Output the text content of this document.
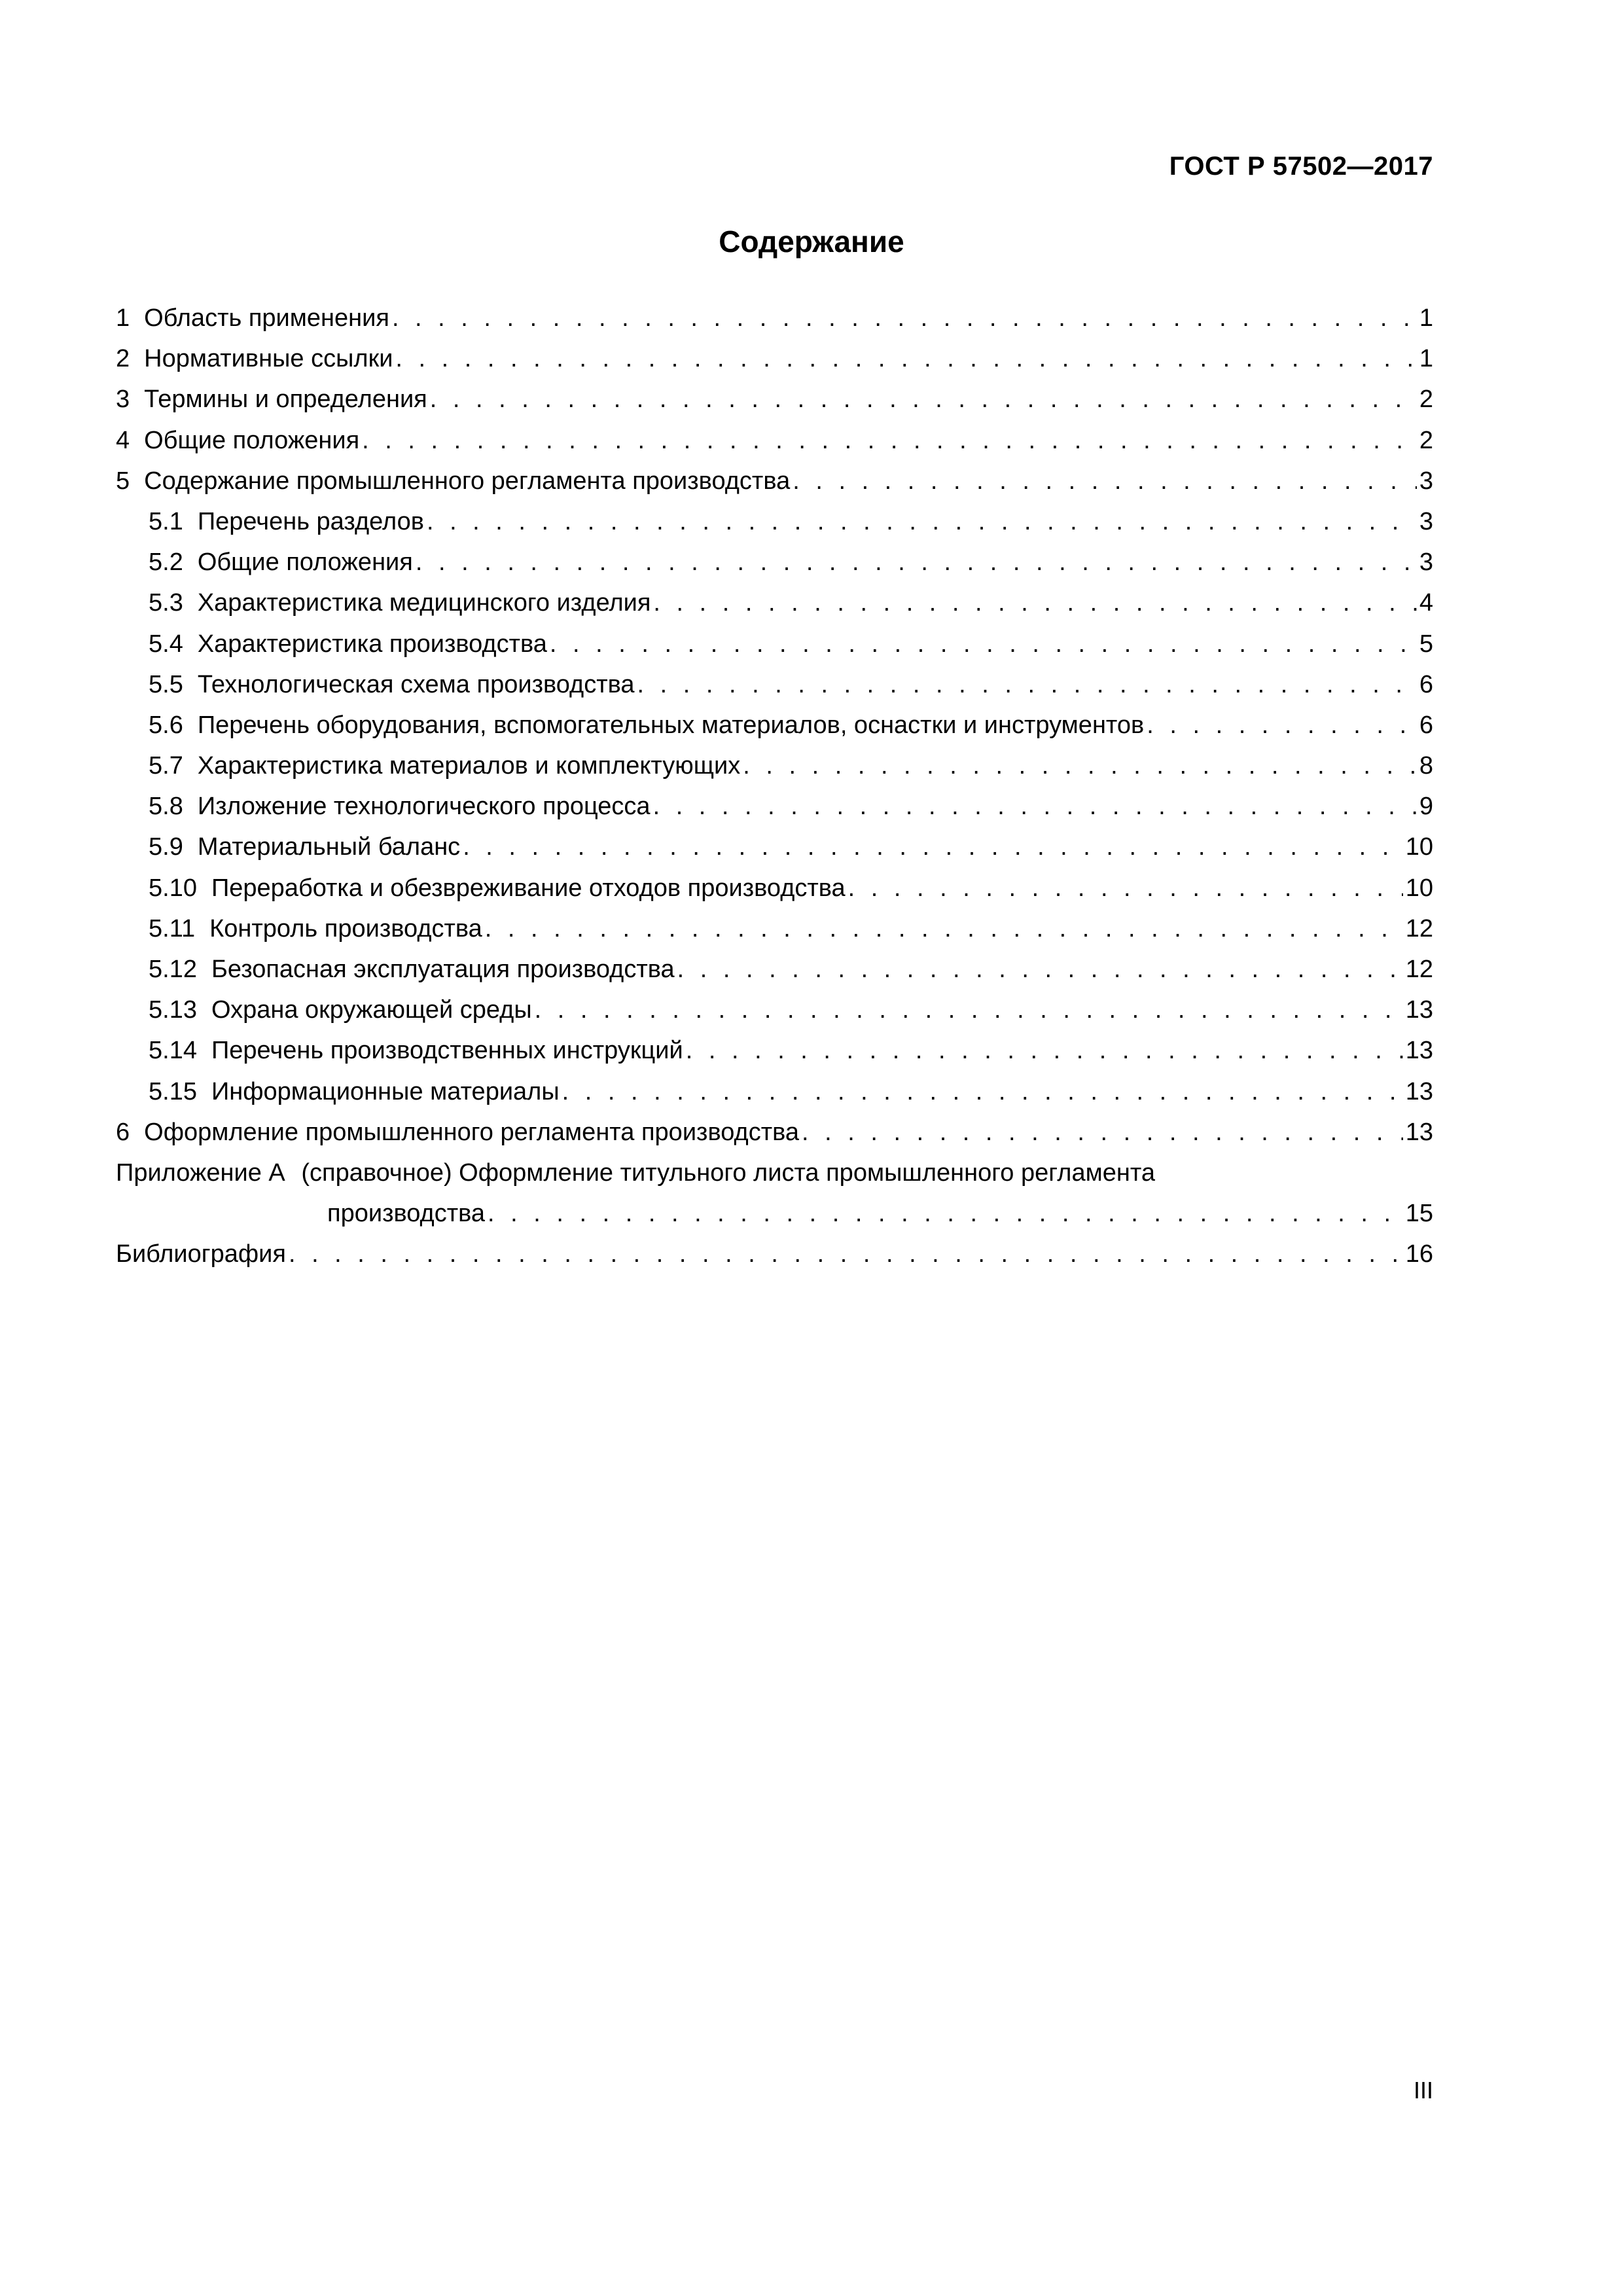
ГОСТ Р 57502—2017
Содержание
1 Область применения . . .	1
2 Нормативные ссылки . . .	1
3 Термины и определения . . .	2
4 Общие положения . . .	2
5 Содержание промышленного регламента производства . . .	3
5.1 Перечень разделов . . .	3
5.2 Общие положения . . .	3
5.3 Характеристика медицинского изделия . . .	4
5.4 Характеристика производства . . .	5
5.5 Технологическая схема производства . . .	6
5.6 Перечень оборудования, вспомогательных материалов, оснастки и инструментов . . .	6
5.7 Характеристика материалов и комплектующих . . .	8
5.8 Изложение технологического процесса . . .	9
5.9 Материальный баланс . . .	10
5.10 Переработка и обезвреживание отходов производства . . .	10
5.11 Контроль производства . . .	12
5.12 Безопасная эксплуатация производства . . .	12
5.13 Охрана окружающей среды . . .	13
5.14 Перечень производственных инструкций . . .	13
5.15 Информационные материалы . . .	13
6 Оформление промышленного регламента производства . . .	13
Приложение А (справочное) Оформление титульного листа промышленного регламента
производства . . .	15
Библиография . . .	16
III
